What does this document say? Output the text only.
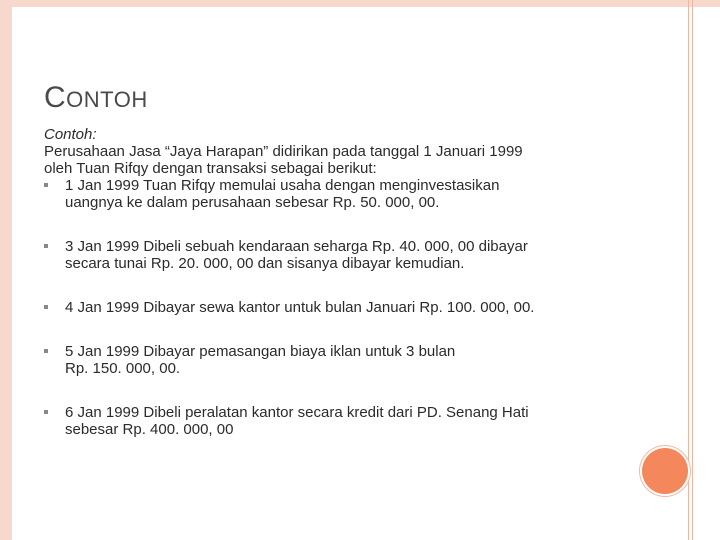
CONTOH
Contoh:
Perusahaan Jasa “Jaya Harapan” didirikan pada tanggal 1 Januari 1999
oleh Tuan Rifqy dengan transaksi sebagai berikut:
1 Jan 1999 Tuan Rifqy memulai usaha dengan menginvestasikan
uangnya ke dalam perusahaan sebesar Rp. 50. 000, 00.
3 Jan 1999 Dibeli sebuah kendaraan seharga Rp. 40. 000, 00 dibayar
secara tunai Rp. 20. 000, 00 dan sisanya dibayar kemudian.
4 Jan 1999 Dibayar sewa kantor untuk bulan Januari Rp. 100. 000, 00.
5 Jan 1999 Dibayar pemasangan biaya iklan untuk 3 bulan
Rp. 150. 000, 00.
6 Jan 1999 Dibeli peralatan kantor secara kredit dari PD. Senang Hati
sebesar Rp. 400. 000, 00
